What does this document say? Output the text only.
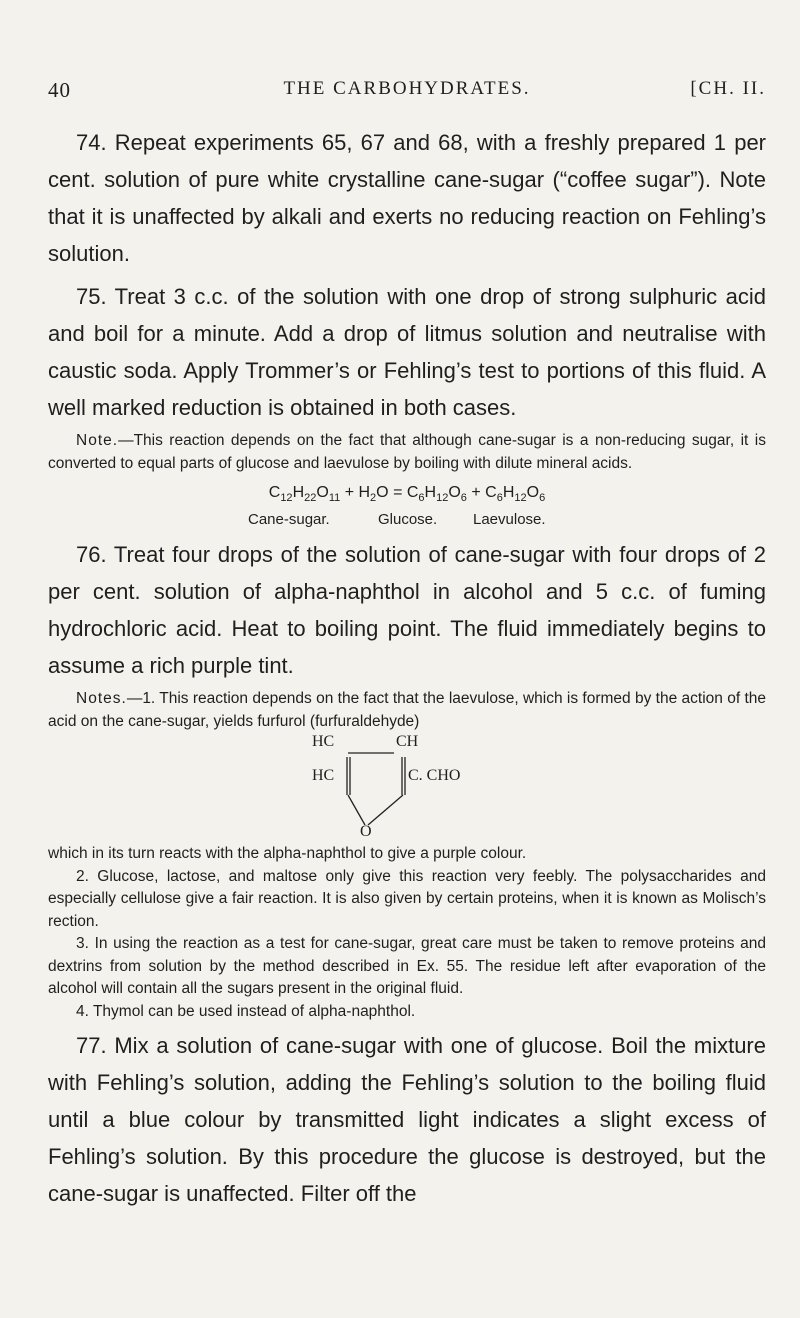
40	THE CARBOHYDRATES.	[CH. II.

74. Repeat experiments 65, 67 and 68, with a freshly prepared 1 per cent. solution of pure white crystalline cane-sugar (“coffee sugar”). Note that it is unaffected by alkali and exerts no reducing reaction on Fehling’s solution.

75. Treat 3 c.c. of the solution with one drop of strong sulphuric acid and boil for a minute. Add a drop of litmus solution and neutralise with caustic soda. Apply Trommer’s or Fehling’s test to portions of this fluid. A well marked reduction is obtained in both cases.

Note.—This reaction depends on the fact that although cane-sugar is a non-reducing sugar, it is converted to equal parts of glucose and laevulose by boiling with dilute mineral acids.

$C_{12}H_{22}O_{11} + H_2O = C_6H_{12}O_6 + C_6H_{12}O_6$
Cane-sugar.	Glucose. Laevulose.

76. Treat four drops of the solution of cane-sugar with four drops of 2 per cent. solution of alpha-naphthol in alcohol and 5 c.c. of fuming hydrochloric acid. Heat to boiling point. The fluid immediately begins to assume a rich purple tint.

Notes.—1. This reaction depends on the fact that the laevulose, which is formed by the action of the acid on the cane-sugar, yields furfurol (furfuraldehyde)

HC	CH
HC	C. CHO
O

which in its turn reacts with the alpha-naphthol to give a purple colour.

2. Glucose, lactose, and maltose only give this reaction very feebly. The polysaccharides and especially cellulose give a fair reaction. It is also given by certain proteins, when it is known as Molisch’s rection.

3. In using the reaction as a test for cane-sugar, great care must be taken to remove proteins and dextrins from solution by the method described in Ex. 55. The residue left after evaporation of the alcohol will contain all the sugars present in the original fluid.

4. Thymol can be used instead of alpha-naphthol.

77. Mix a solution of cane-sugar with one of glucose. Boil the mixture with Fehling’s solution, adding the Fehling’s solution to the boiling fluid until a blue colour by transmitted light indicates a slight excess of Fehling’s solution. By this procedure the glucose is destroyed, but the cane-sugar is unaffected. Filter off the
